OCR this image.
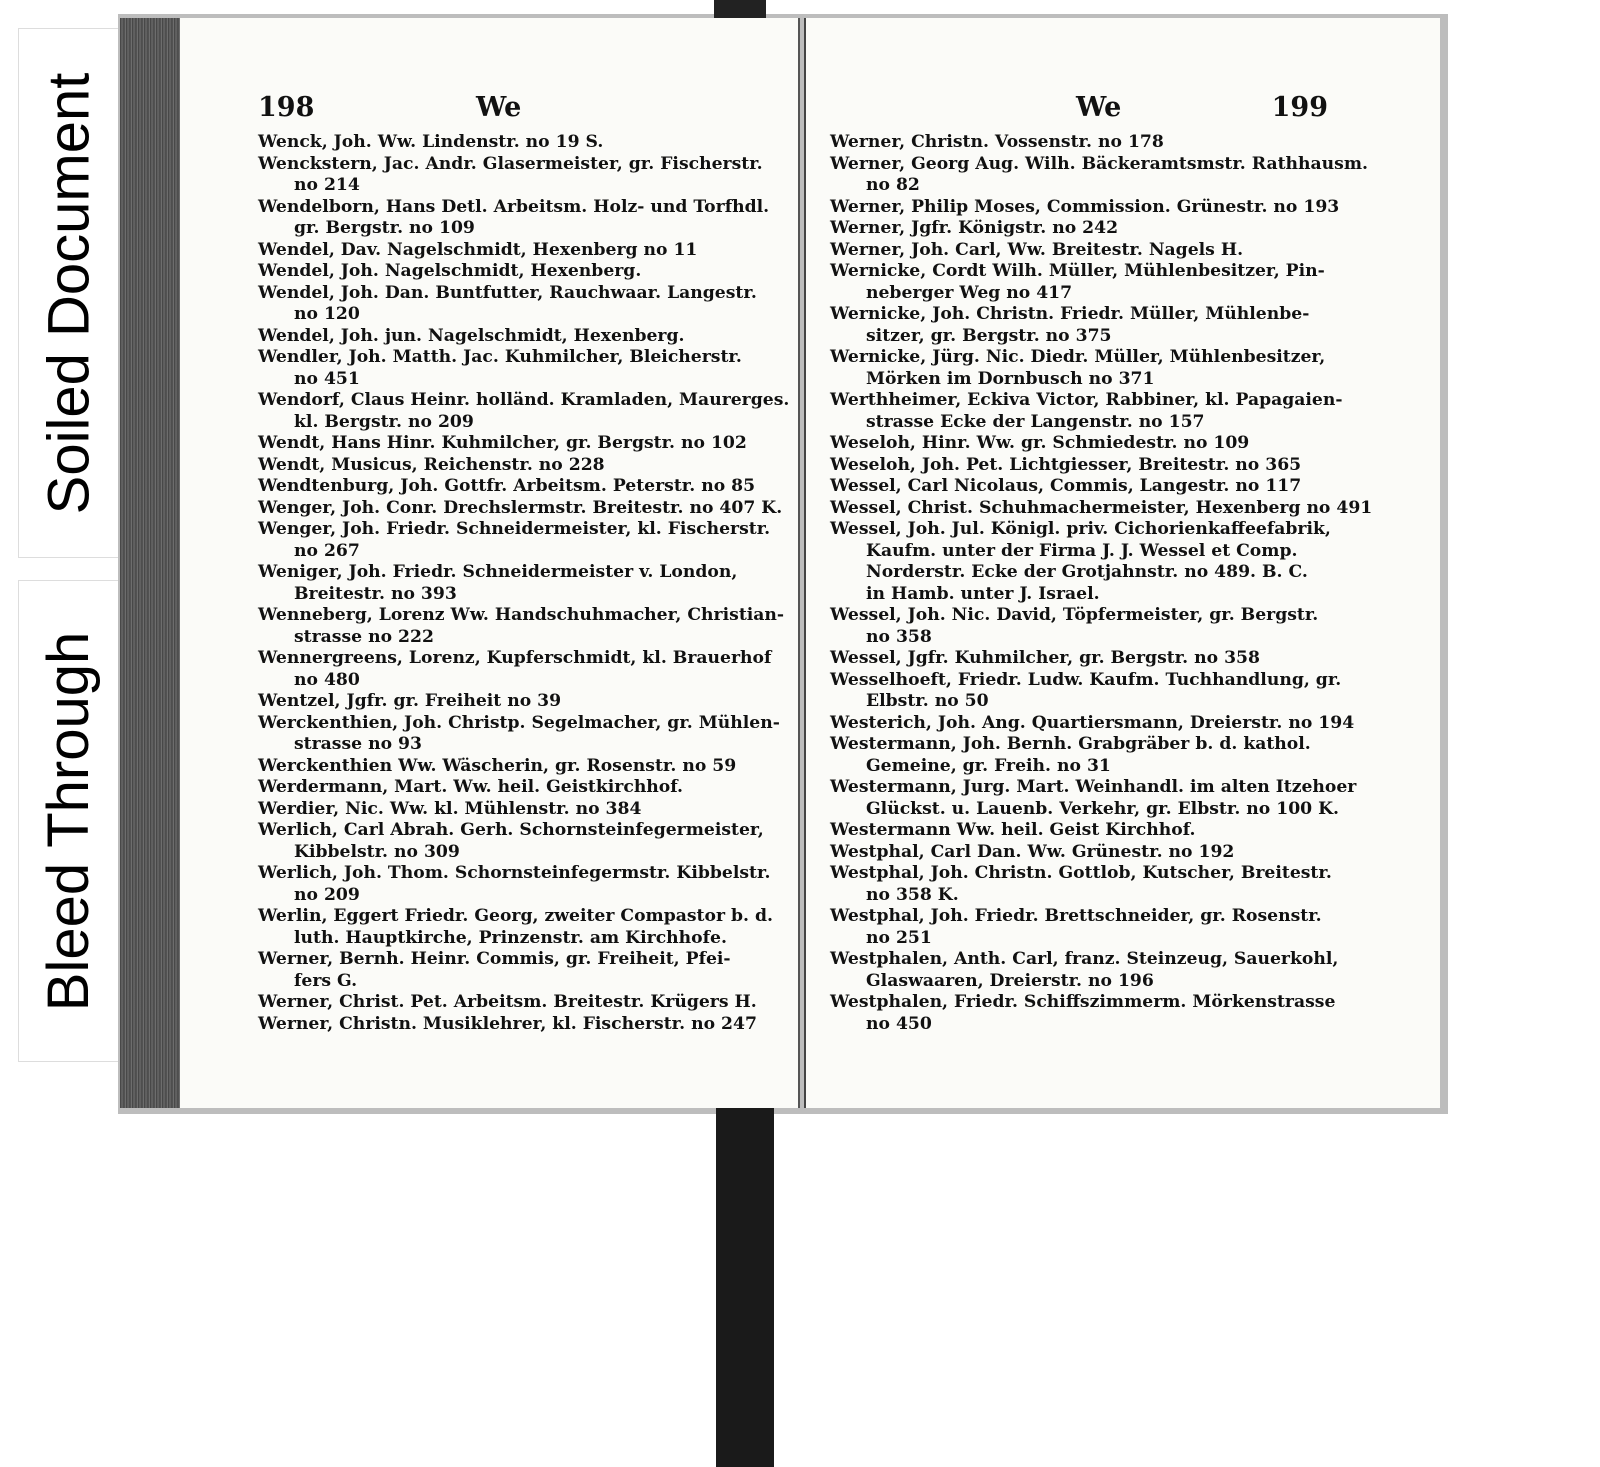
Soiled Document
Bleed Through
198	We
Wenck, Joh. Ww. Lindenstr. no 19 S.
Wenckstern, Jac. Andr. Glasermeister, gr. Fischerstr.
no 214
Wendelborn, Hans Detl. Arbeitsm. Holz- und Torfhdl.
gr. Bergstr. no 109
Wendel, Dav. Nagelschmidt, Hexenberg no 11
Wendel, Joh. Nagelschmidt, Hexenberg.
Wendel, Joh. Dan. Buntfutter, Rauchwaar. Langestr.
no 120
Wendel, Joh. jun. Nagelschmidt, Hexenberg.
Wendler, Joh. Matth. Jac. Kuhmilcher, Bleicherstr.
no 451
Wendorf, Claus Heinr. holländ. Kramladen, Maurerges.
kl. Bergstr. no 209
Wendt, Hans Hinr. Kuhmilcher, gr. Bergstr. no 102
Wendt, Musicus, Reichenstr. no 228
Wendtenburg, Joh. Gottfr. Arbeitsm. Peterstr. no 85
Wenger, Joh. Conr. Drechslermstr. Breitestr. no 407 K.
Wenger, Joh. Friedr. Schneidermeister, kl. Fischerstr.
no 267
Weniger, Joh. Friedr. Schneidermeister v. London,
Breitestr. no 393
Wenneberg, Lorenz Ww. Handschuhmacher, Christian-
strasse no 222
Wennergreens, Lorenz, Kupferschmidt, kl. Brauerhof
no 480
Wentzel, Jgfr. gr. Freiheit no 39
Werckenthien, Joh. Christp. Segelmacher, gr. Mühlen-
strasse no 93
Werckenthien Ww. Wäscherin, gr. Rosenstr. no 59
Werdermann, Mart. Ww. heil. Geistkirchhof.
Werdier, Nic. Ww. kl. Mühlenstr. no 384
Werlich, Carl Abrah. Gerh. Schornsteinfegermeister,
Kibbelstr. no 309
Werlich, Joh. Thom. Schornsteinfegermstr. Kibbelstr.
no 209
Werlin, Eggert Friedr. Georg, zweiter Compastor b. d.
luth. Hauptkirche, Prinzenstr. am Kirchhofe.
Werner, Bernh. Heinr. Commis, gr. Freiheit, Pfei-
fers G.
Werner, Christ. Pet. Arbeitsm. Breitestr. Krügers H.
Werner, Christn. Musiklehrer, kl. Fischerstr. no 247
We	199
Werner, Christn. Vossenstr. no 178
Werner, Georg Aug. Wilh. Bäckeramtsmstr. Rathhausm.
no 82
Werner, Philip Moses, Commission. Grünestr. no 193
Werner, Jgfr. Königstr. no 242
Werner, Joh. Carl, Ww. Breitestr. Nagels H.
Wernicke, Cordt Wilh. Müller, Mühlenbesitzer, Pin-
neberger Weg no 417
Wernicke, Joh. Christn. Friedr. Müller, Mühlenbe-
sitzer, gr. Bergstr. no 375
Wernicke, Jürg. Nic. Diedr. Müller, Mühlenbesitzer,
Mörken im Dornbusch no 371
Werthheimer, Eckiva Victor, Rabbiner, kl. Papagaien-
strasse Ecke der Langenstr. no 157
Weseloh, Hinr. Ww. gr. Schmiedestr. no 109
Weseloh, Joh. Pet. Lichtgiesser, Breitestr. no 365
Wessel, Carl Nicolaus, Commis, Langestr. no 117
Wessel, Christ. Schuhmachermeister, Hexenberg no 491
Wessel, Joh. Jul. Königl. priv. Cichorienkaffeefabrik,
Kaufm. unter der Firma J. J. Wessel et Comp.
Norderstr. Ecke der Grotjahnstr. no 489. B. C.
in Hamb. unter J. Israel.
Wessel, Joh. Nic. David, Töpfermeister, gr. Bergstr.
no 358
Wessel, Jgfr. Kuhmilcher, gr. Bergstr. no 358
Wesselhoeft, Friedr. Ludw. Kaufm. Tuchhandlung, gr.
Elbstr. no 50
Westerich, Joh. Ang. Quartiersmann, Dreierstr. no 194
Westermann, Joh. Bernh. Grabgräber b. d. kathol.
Gemeine, gr. Freih. no 31
Westermann, Jurg. Mart. Weinhandl. im alten Itzehoer
Glückst. u. Lauenb. Verkehr, gr. Elbstr. no 100 K.
Westermann Ww. heil. Geist Kirchhof.
Westphal, Carl Dan. Ww. Grünestr. no 192
Westphal, Joh. Christn. Gottlob, Kutscher, Breitestr.
no 358 K.
Westphal, Joh. Friedr. Brettschneider, gr. Rosenstr.
no 251
Westphalen, Anth. Carl, franz. Steinzeug, Sauerkohl,
Glaswaaren, Dreierstr. no 196
Westphalen, Friedr. Schiffszimmerm. Mörkenstrasse
no 450
